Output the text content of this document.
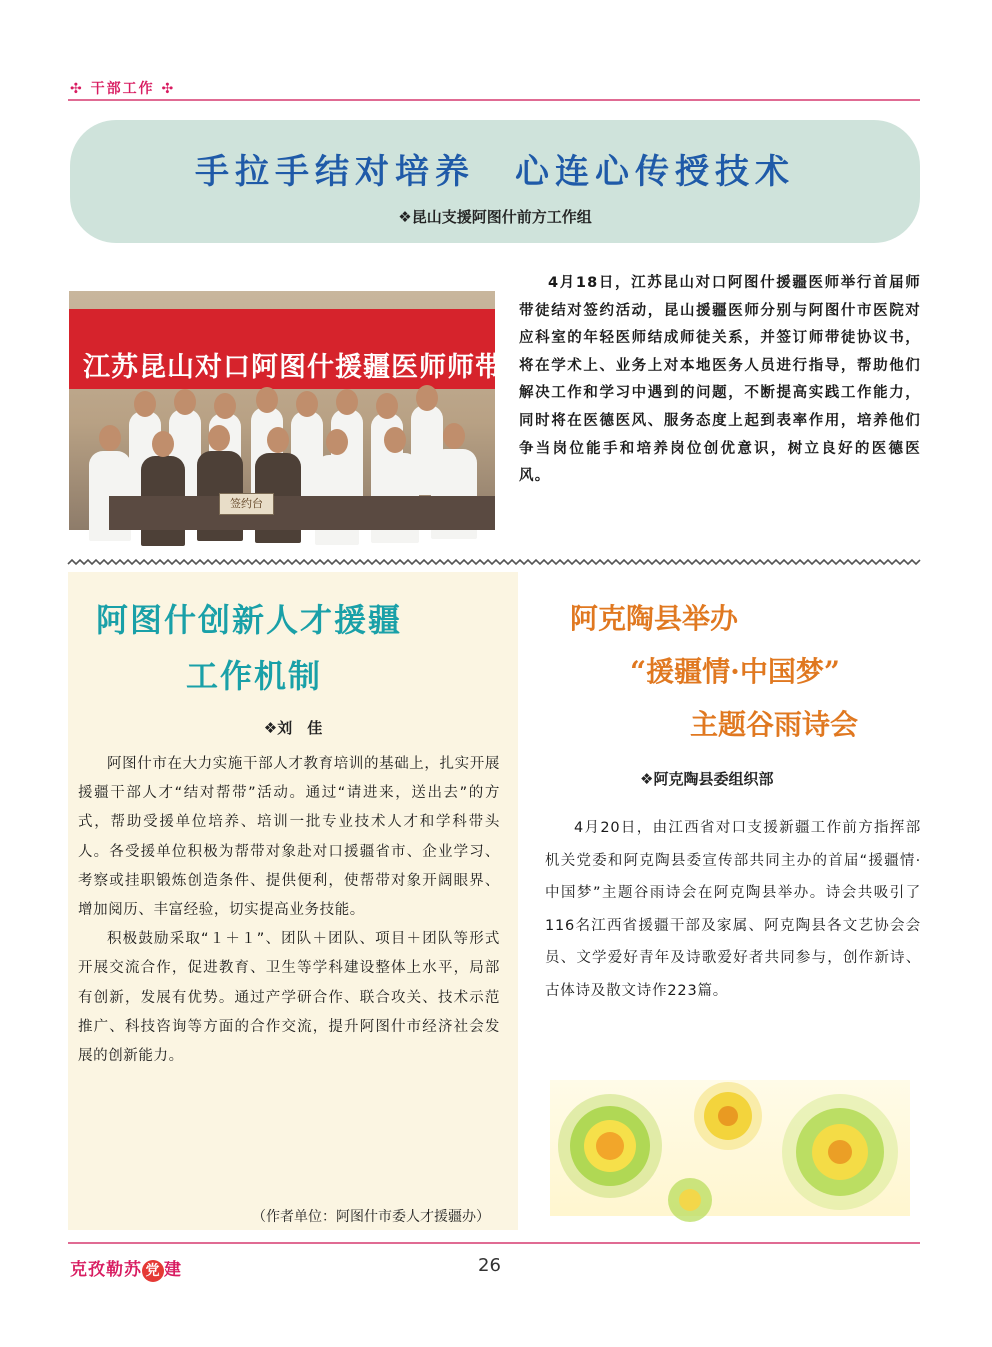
✣ 干部工作 ✣
手拉手结对培养　心连心传授技术
❖昆山支援阿图什前方工作组
江苏昆山对口阿图什援疆医师师带徒结对签
签约台
4月18日，江苏昆山对口阿图什援疆医师举行首届师带徒结对签约活动，昆山援疆医师分别与阿图什市医院对应科室的年轻医师结成师徒关系，并签订师带徒协议书，将在学术上、业务上对本地医务人员进行指导，帮助他们解决工作和学习中遇到的问题，不断提高实践工作能力，同时将在医德医风、服务态度上起到表率作用，培养他们争当岗位能手和培养岗位创优意识，树立良好的医德医风。
阿图什创新人才援疆
工作机制
❖刘　佳

阿图什市在大力实施干部人才教育培训的基础上，扎实开展援疆干部人才“结对帮带”活动。通过“请进来，送出去”的方式，帮助受援单位培养、培训一批专业技术人才和学科带头人。各受援单位积极为帮带对象赴对口援疆省市、企业学习、考察或挂职锻炼创造条件、提供便利，使帮带对象开阔眼界、增加阅历、丰富经验，切实提高业务技能。

积极鼓励采取“１＋１”、团队＋团队、项目＋团队等形式开展交流合作，促进教育、卫生等学科建设整体上水平，局部有创新，发展有优势。通过产学研合作、联合攻关、技术示范推广、科技咨询等方面的合作交流，提升阿图什市经济社会发展的创新能力。

（作者单位：阿图什市委人才援疆办）
阿克陶县举办
“援疆情·中国梦”
主题谷雨诗会
❖阿克陶县委组织部
4月20日，由江西省对口支援新疆工作前方指挥部机关党委和阿克陶县委宣传部共同主办的首届“援疆情·中国梦”主题谷雨诗会在阿克陶县举办。诗会共吸引了116名江西省援疆干部及家属、阿克陶县各文艺协会会员、文学爱好青年及诗歌爱好者共同参与，创作新诗、古体诗及散文诗作223篇。
克孜勒苏 党 建	26
